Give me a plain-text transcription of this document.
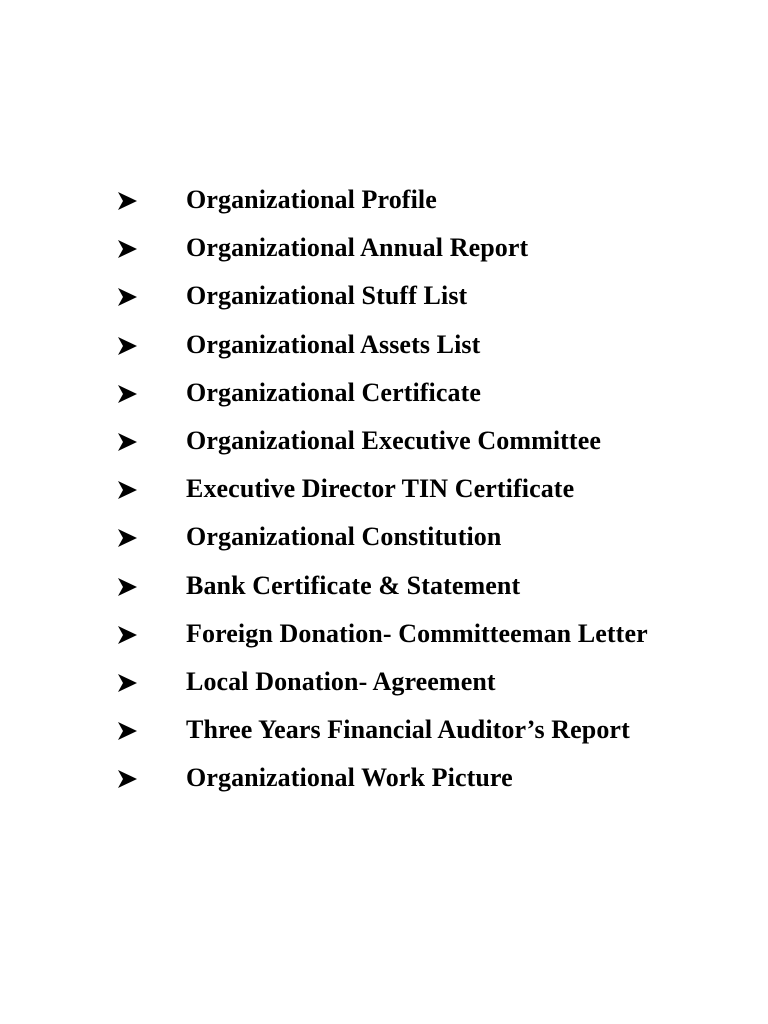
Organizational Profile
Organizational Annual Report
Organizational Stuff List
Organizational Assets List
Organizational Certificate
Organizational Executive Committee
Executive Director TIN Certificate
Organizational Constitution
Bank Certificate & Statement
Foreign Donation- Committeeman Letter
Local Donation- Agreement
Three Years Financial Auditor’s Report
Organizational Work Picture
